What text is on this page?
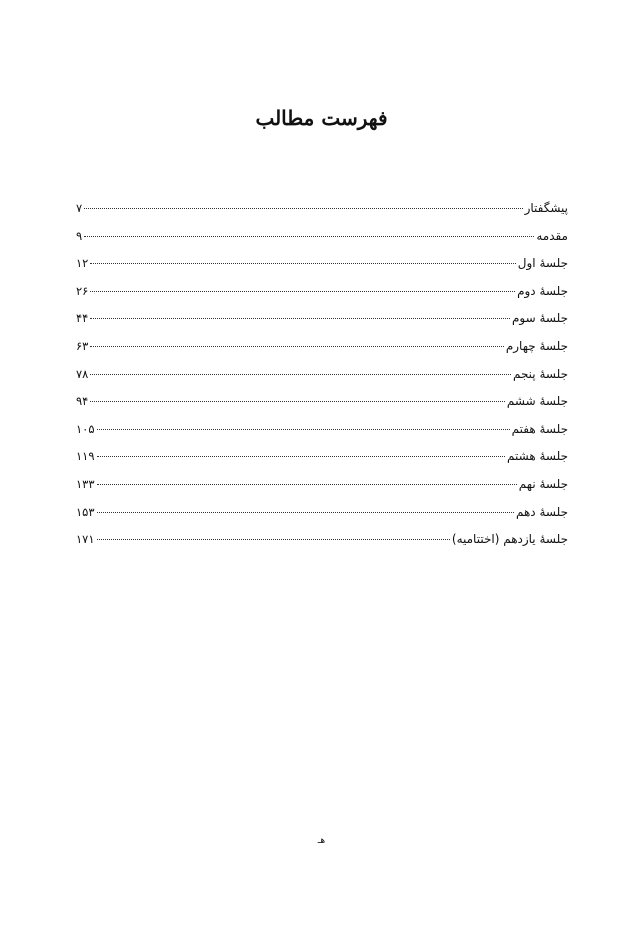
فهرست مطالب
پیشگفتار
۷
مقدمه
۹
جلسهٔ اول
۱۲
جلسهٔ دوم
۲۶
جلسهٔ سوم
۴۴
جلسهٔ چهارم
۶۳
جلسهٔ پنجم
۷۸
جلسهٔ ششم
۹۴
جلسهٔ هفتم
۱۰۵
جلسهٔ هشتم
۱۱۹
جلسهٔ نهم
۱۳۳
جلسهٔ دهم
۱۵۳
جلسهٔ یازدهم (اختتامیه)
۱۷۱
هـ
